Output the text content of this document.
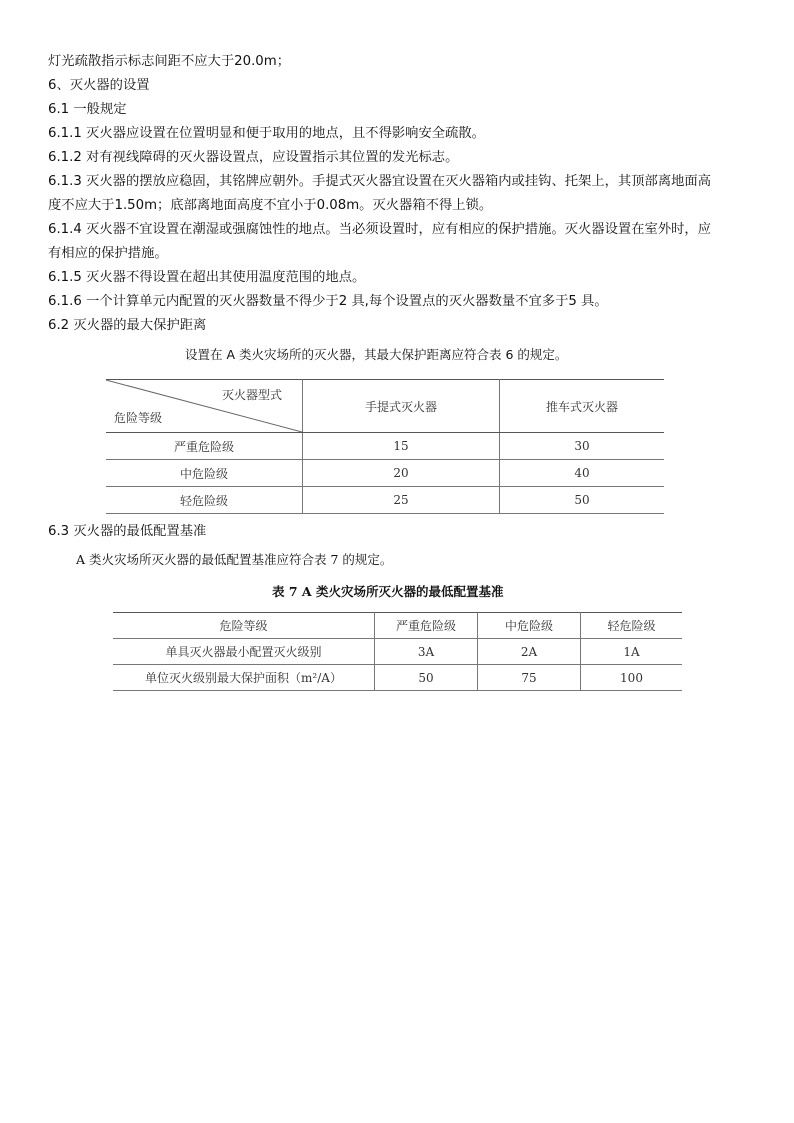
灯光疏散指示标志间距不应大于20.0m；
6、灭火器的设置
6.1 一般规定
6.1.1 灭火器应设置在位置明显和便于取用的地点，且不得影响安全疏散。
6.1.2 对有视线障碍的灭火器设置点，应设置指示其位置的发光标志。
6.1.3 灭火器的摆放应稳固，其铭牌应朝外。手提式灭火器宜设置在灭火器箱内或挂钩、托架上，其顶部离地面高
度不应大于1.50m；底部离地面高度不宜小于0.08m。灭火器箱不得上锁。
6.1.4 灭火器不宜设置在潮湿或强腐蚀性的地点。当必须设置时，应有相应的保护措施。灭火器设置在室外时，应
有相应的保护措施。
6.1.5 灭火器不得设置在超出其使用温度范围的地点。
6.1.6 一个计算单元内配置的灭火器数量不得少于2 具,每个设置点的灭火器数量不宜多于5 具。
6.2 灭火器的最大保护距离
设置在 A 类火灾场所的灭火器，其最大保护距离应符合表 6 的规定。
灭火器型式
危险等级	手提式灭火器	推车式灭火器
严重危险级	15	30
中危险级	20	40
轻危险级	25	50
6.3 灭火器的最低配置基准
A 类火灾场所灭火器的最低配置基准应符合表 7 的规定。
表 7 A 类火灾场所灭火器的最低配置基准
危险等级	严重危险级	中危险级	轻危险级
单具灭火器最小配置灭火级别	3A	2A	1A
单位灭火级别最大保护面积（m²/A）	50	75	100
